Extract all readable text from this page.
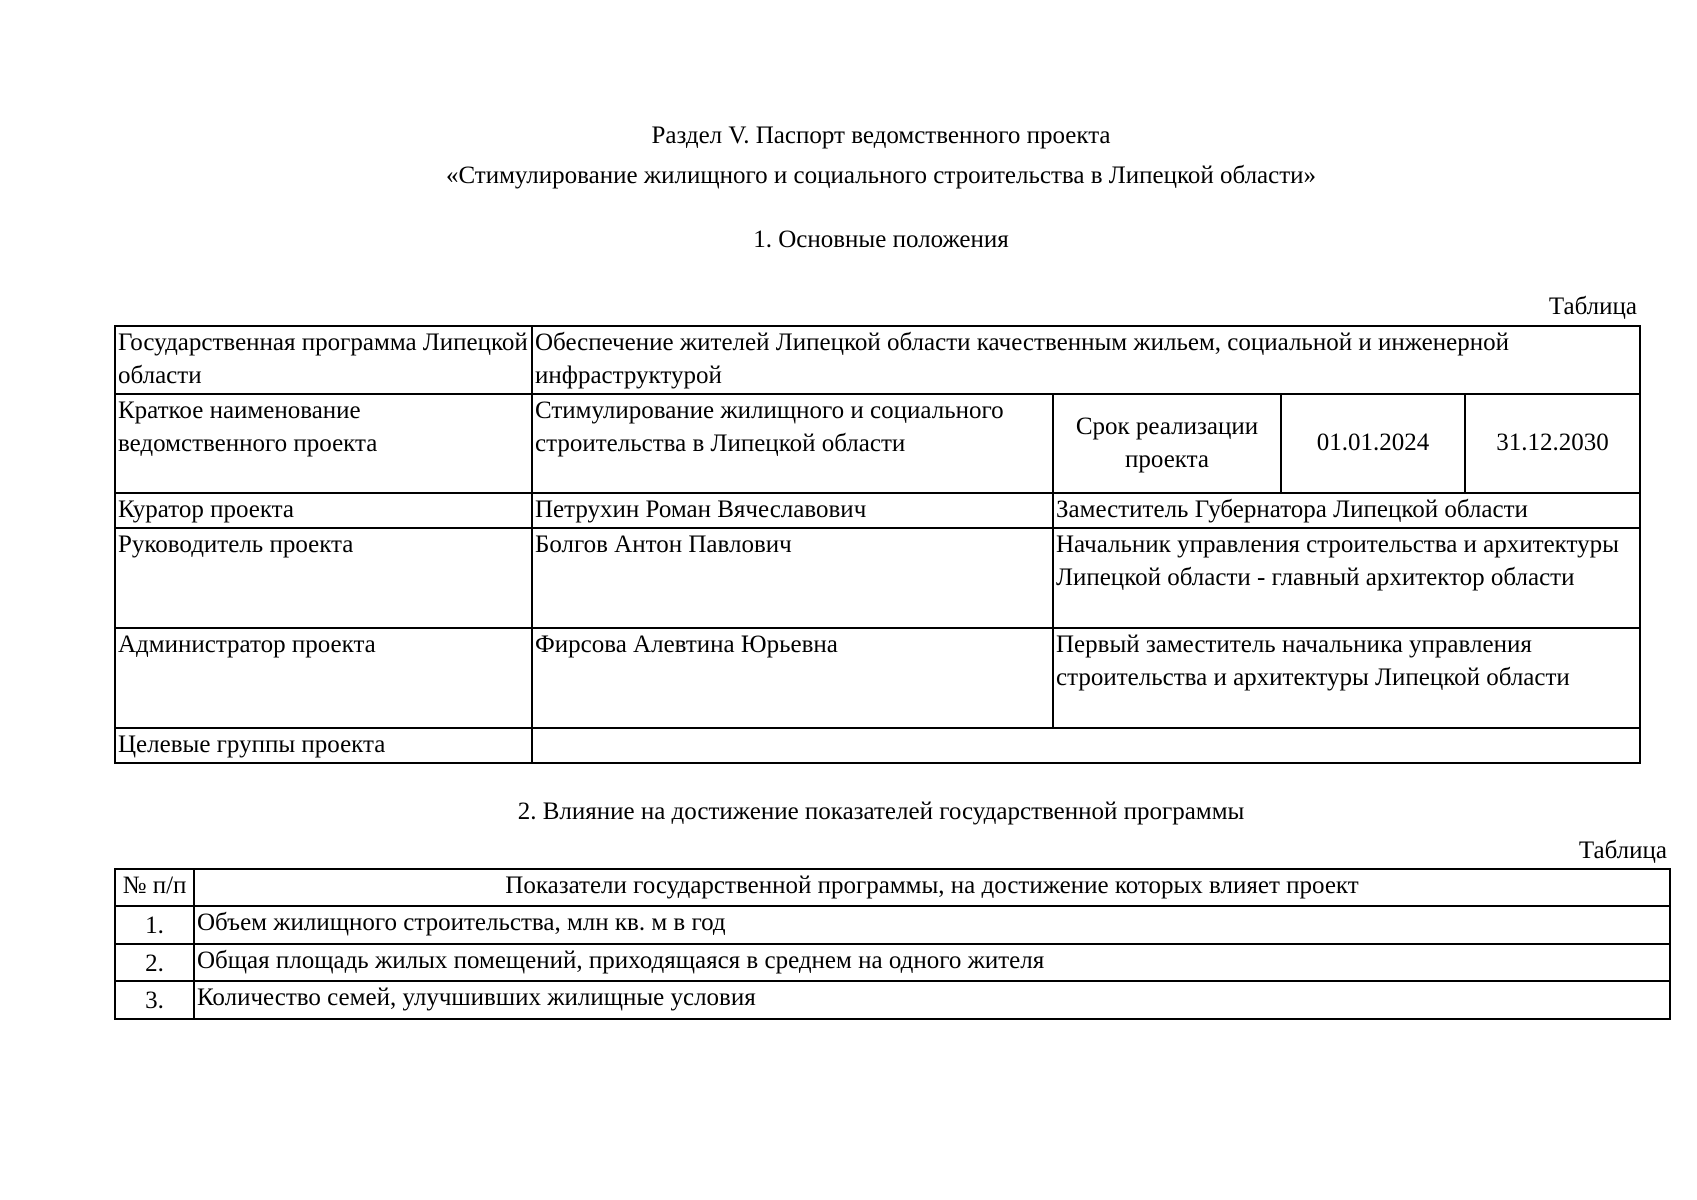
Раздел V. Паспорт ведомственного проекта
«Стимулирование жилищного и социального строительства в Липецкой области»
1. Основные положения
Таблица
Государственная программа Липецкой области	Обеспечение жителей Липецкой области качественным жильем, социальной и инженерной инфраструктурой			
Краткое наименование ведомственного проекта	Стимулирование жилищного и социального строительства в Липецкой области	Срок реализации проекта	01.01.2024	31.12.2030
Куратор проекта	Петрухин Роман Вячеславович	Заместитель Губернатора Липецкой области		
Руководитель проекта	Болгов Антон Павлович	Начальник управления строительства и архитектуры Липецкой области - главный архитектор области		
Администратор проекта	Фирсова Алевтина Юрьевна	Первый заместитель начальника управления строительства и архитектуры Липецкой области		
Целевые группы проекта				
2. Влияние на достижение показателей государственной программы
Таблица
№ п/п	Показатели государственной программы, на достижение которых влияет проект
1.	Объем жилищного строительства, млн кв. м в год
2.	Общая площадь жилых помещений, приходящаяся в среднем на одного жителя
3.	Количество семей, улучшивших жилищные условия
